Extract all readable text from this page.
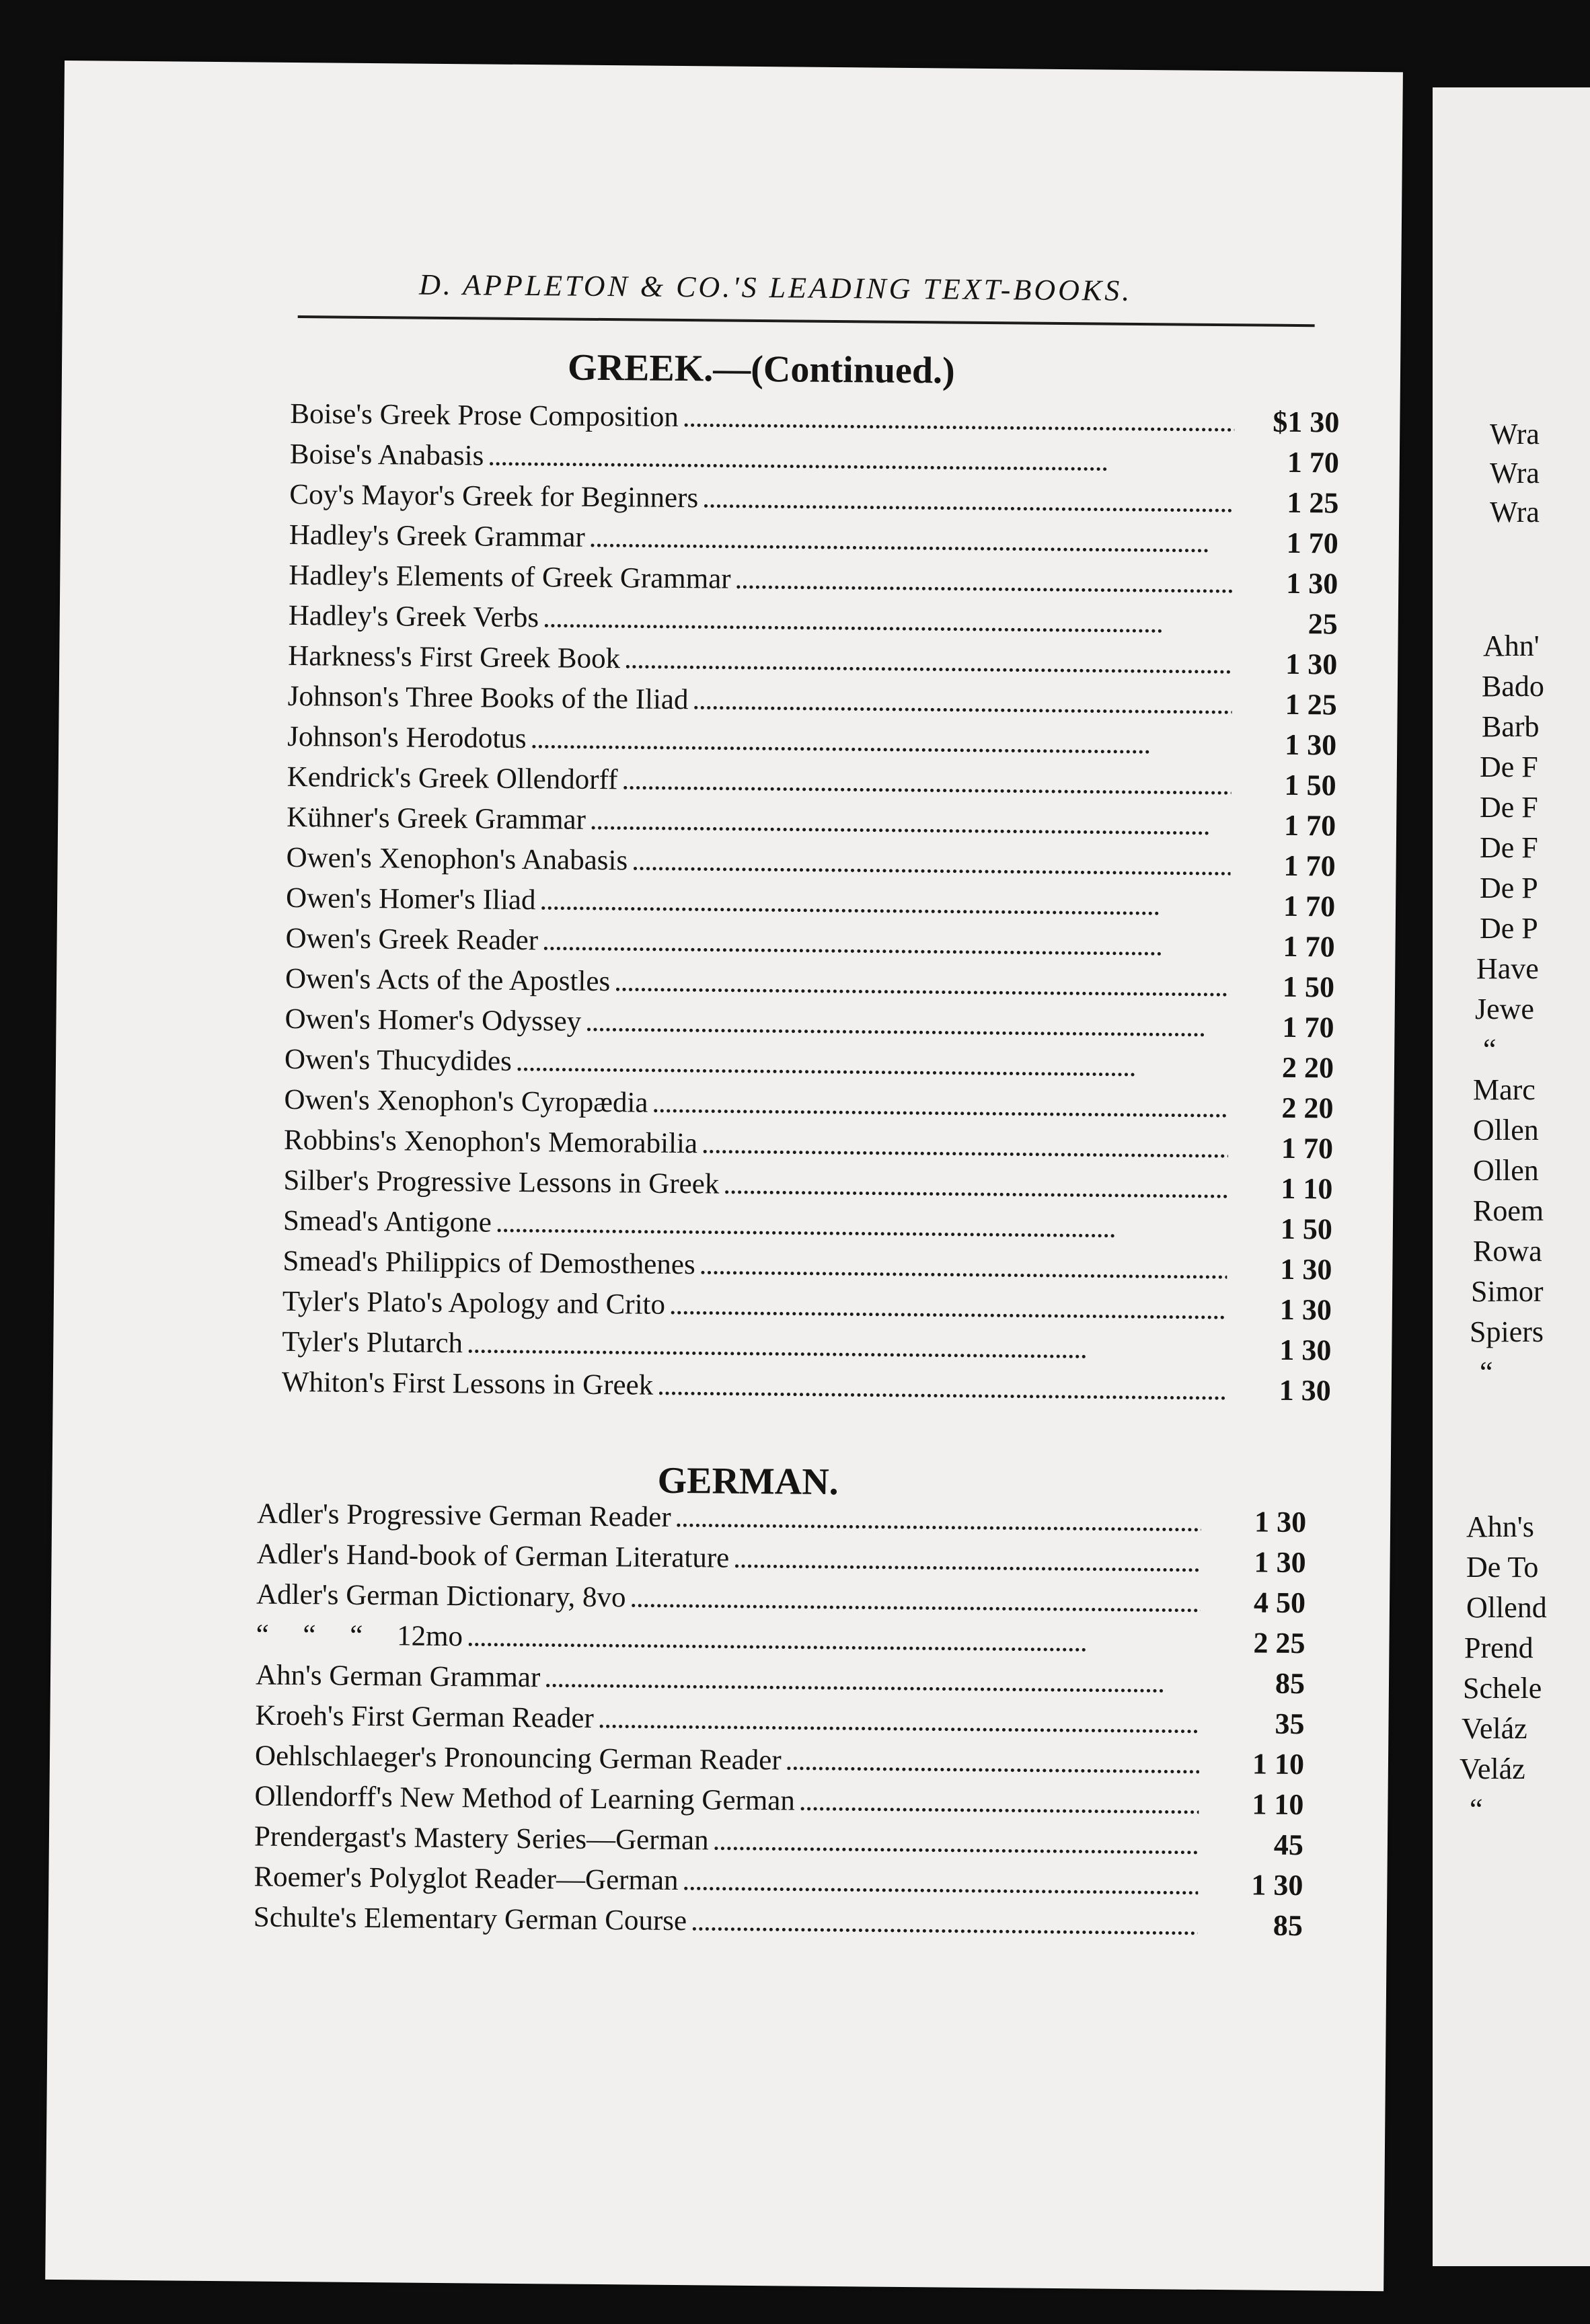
Wra
Wra
Wra
Ahn'
Bado
Barb
De F
De F
De F
De P
De P
Have
Jewe
“
Marc
Ollen
Ollen
Roem
Rowa
Simor
Spiers
“
Ahn's
De To
Ollend
Prend
Schele
Veláz
Veláz
“
D. APPLETON & CO.'S LEADING TEXT-BOOKS.
GREEK.—(Continued.)
Boise's Greek Prose Composition . . .	$1 30
Boise's Anabasis . . .	1 70
Coy's Mayor's Greek for Beginners . . .	1 25
Hadley's Greek Grammar . . .	1 70
Hadley's Elements of Greek Grammar . . .	1 30
Hadley's Greek Verbs . . .	25
Harkness's First Greek Book . . .	1 30
Johnson's Three Books of the Iliad . . .	1 25
Johnson's Herodotus . . .	1 30
Kendrick's Greek Ollendorff . . .	1 50
Kühner's Greek Grammar . . .	1 70
Owen's Xenophon's Anabasis . . .	1 70
Owen's Homer's Iliad . . .	1 70
Owen's Greek Reader . . .	1 70
Owen's Acts of the Apostles . . .	1 50
Owen's Homer's Odyssey . . .	1 70
Owen's Thucydides . . .	2 20
Owen's Xenophon's Cyropædia . . .	2 20
Robbins's Xenophon's Memorabilia . . .	1 70
Silber's Progressive Lessons in Greek . . .	1 10
Smead's Antigone . . .	1 50
Smead's Philippics of Demosthenes . . .	1 30
Tyler's Plato's Apology and Crito . . .	1 30
Tyler's Plutarch . . .	1 30
Whiton's First Lessons in Greek . . .	1 30
GERMAN.
Adler's Progressive German Reader . . .	1 30
Adler's Hand-book of German Literature . . .	1 30
Adler's German Dictionary, 8vo . . .	4 50
“ “ “ 12mo . . .	2 25
Ahn's German Grammar . . .	85
Kroeh's First German Reader . . .	35
Oehlschlaeger's Pronouncing German Reader . . .	1 10
Ollendorff's New Method of Learning German . . .	1 10
Prendergast's Mastery Series—German . . .	45
Roemer's Polyglot Reader—German . . .	1 30
Schulte's Elementary German Course . . .	85
